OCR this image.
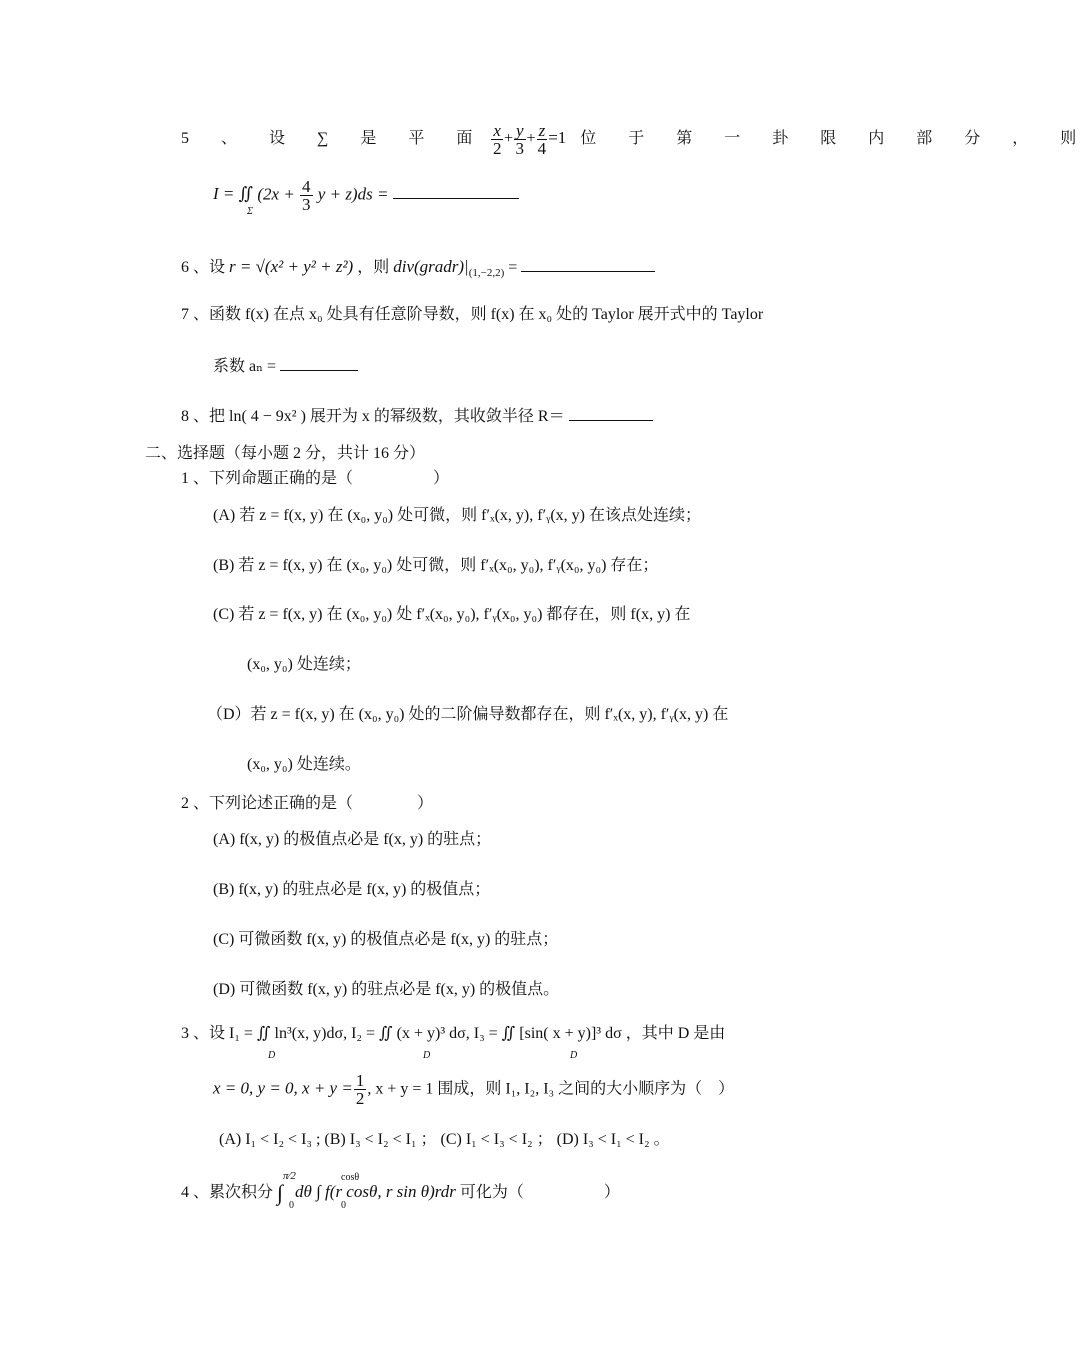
5 、 设 ∑ 是 平 面 $\frac{x}{2} + \frac{y}{3} + \frac{z}{4} =1$ 位 于 第 一 卦 限 内 部 分 ， 则
I = ∬
Σ
($2x + \frac{4}{3}$ y + z)ds =
6 、设 r = √(x² + y² + z²) ，则 $div(gradr)|_{(1,-2,2)}$ =
7 、函数 f(x) 在点 x₀ 处具有任意阶导数，则 f(x) 在 x₀ 处的 Taylor 展开式中的 Taylor
系数 aₙ =
8 、把 ln( 4 − 9x² ) 展开为 x 的幂级数，其收敛半径 R＝
二、选择题（每小题 2 分，共计 16 分）
1 、下列命题正确的是（　　　　　）
(A) 若 z = f(x, y) 在 (x₀, y₀) 处可微，则 f′ₓ(x, y), f′ᵧ(x, y) 在该点处连续；
(B) 若 z = f(x, y) 在 (x₀, y₀) 处可微，则 f′ₓ(x₀, y₀), f′ᵧ(x₀, y₀) 存在；
(C) 若 z = f(x, y) 在 (x₀, y₀) 处 f′ₓ(x₀, y₀), f′ᵧ(x₀, y₀) 都存在，则 f(x, y) 在
(x₀, y₀) 处连续；
（D）若 z = f(x, y) 在 (x₀, y₀) 处的二阶偏导数都存在，则 f′ₓ(x, y), f′ᵧ(x, y) 在
(x₀, y₀) 处连续。
2 、下列论述正确的是（　　　　）
(A) f(x, y) 的极值点必是 f(x, y) 的驻点；
(B) f(x, y) 的驻点必是 f(x, y) 的极值点；
(C) 可微函数 f(x, y) 的极值点必是 f(x, y) 的驻点；
(D) 可微函数 f(x, y) 的驻点必是 f(x, y) 的极值点。
3 、设 I₁ = ∬ ln³(x, y)dσ, I₂ = ∬ (x + y)³ dσ, I₃ = ∬ [sin( x + y)]³ dσ ，其中 D 是由
D	D	D
x = 0, y = 0, $x + y = \frac{1}{2}$ , x + y = 1 围成，则 I₁, I₂, I₃ 之间的大小顺序为（　）
(A) I₁ < I₂ < I₃ ; (B) I₃ < I₂ < I₁ ； (C) I₁ < I₃ < I₂ ； (D) I₃ < I₁ < I₂ 。
4 、累次积分 ∫
π⁄2
0
dθ ∫ f(r cosθ, r sin θ)rdr
cosθ
0
可化为（　　　　　）
